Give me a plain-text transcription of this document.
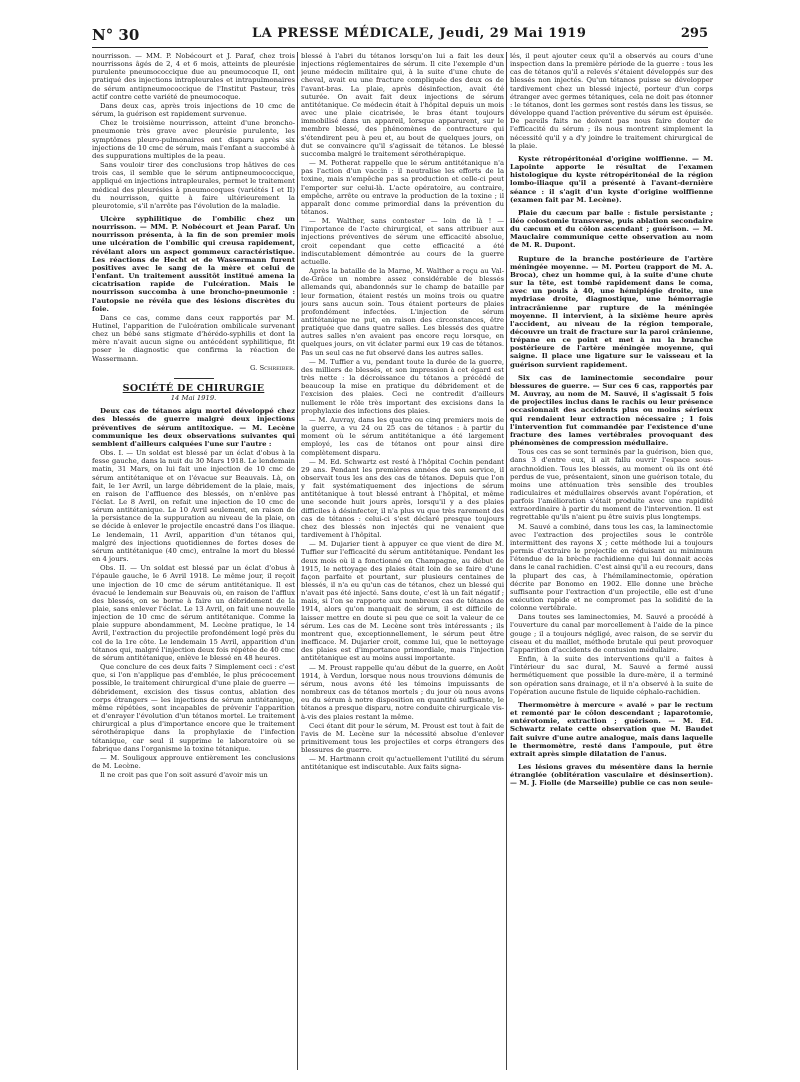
N° 30	LA PRESSE MÉDICALE, Jeudi, 29 Mai 1919	295

nourrisson. — MM. P. Nobécourt et J. Paraf, chez trois nourrissons âgés de 2, 4 et 6 mois, atteints de pleurésie purulente pneumococcique due au pneumocoque II, ont pratiqué des injections intrapleurales et intrapulmonaires de sérum antipneumococcique de l'Institut Pasteur, très actif contre cette variété de pneumocoque.

Dans deux cas, après trois injections de 10 cmc de sérum, la guérison est rapidement survenue.

Chez le troisième nourrisson, atteint d'une broncho-pneumonie très grave avec pleurésie purulente, les symptômes pleuro-pulmonaires ont disparu après six injections de 10 cmc de sérum, mais l'enfant a succombé à des suppurations multiples de la peau.

Sans vouloir tirer des conclusions trop hâtives de ces trois cas, il semble que le sérum antipneumococcique, appliqué en injections intrapleurales, permet le traitement médical des pleurésies à pneumocoques (variétés I et II) du nourrisson, quitte à faire ultérieurement la pleurotomie, s'il n'arrête pas l'évolution de la maladie.

Ulcère syphilitique de l'ombilic chez un nourrisson. — MM. P. Nobécourt et Jean Paraf. Un nourrisson présenta, à la fin de son premier mois une ulcération de l'ombilic qui creusa rapidement, révélant alors un aspect gommeux caractéristique. Les réactions de Hecht et de Wassermann furent positives avec le sang de la mère et celui de l'enfant. Un traitement aussitôt institué amena la cicatrisation rapide de l'ulcération. Mais le nourrisson succomba à une broncho-pneumonie : l'autopsie ne révéla que des lésions discrètes du foie.

Dans ce cas, comme dans ceux rapportés par M. Hutinel, l'apparition de l'ulcération ombilicale survenant chez un bébé sans stigmate d'hérédo-syphilis et dont la mère n'avait aucun signe ou antécédent syphilitique, fit poser le diagnostic que confirma la réaction de Wassermann.

G. Schreiber.

SOCIÉTÉ DE CHIRURGIE
14 Mai 1919.
Deux cas de tétanos aigu mortel développé chez des blessés de guerre malgré deux injections préventives de sérum antitoxique. — M. Lecène communique les deux observations suivantes qui semblent d'ailleurs calquées l'une sur l'autre :

Obs. I. — Un soldat est blessé par un éclat d'obus à la fesse gauche, dans la nuit du 30 Mars 1918. Le lendemain matin, 31 Mars, on lui fait une injection de 10 cmc de sérum antitétanique et on l'évacue sur Beauvais. Là, on fait, le 1er Avril, un large débridement de la plaie, mais, en raison de l'affluence des blessés, on n'enlève pas l'éclat. Le 8 Avril, on refait une injection de 10 cmc de sérum antitétanique. Le 10 Avril seulement, en raison de la persistance de la suppuration au niveau de la plaie, on se décide à enlever le projectile encastré dans l'os iliaque. Le lendemain, 11 Avril, apparition d'un tétanos qui, malgré des injections quotidiennes de fortes doses de sérum antitétanique (40 cmc), entraîne la mort du blessé en 4 jours.

Obs. II. — Un soldat est blessé par un éclat d'obus à l'épaule gauche, le 6 Avril 1918. Le même jour, il reçoit une injection de 10 cmc de sérum antitétanique. Il est évacué le lendemain sur Beauvais où, en raison de l'afflux des blessés, on se borne à faire un débridement de la plaie, sans enlever l'éclat. Le 13 Avril, on fait une nouvelle injection de 10 cmc de sérum antitétanique. Comme la plaie suppure abondamment, M. Lecène pratique, le 14 Avril, l'extraction du projectile profondément logé près du col de la 1re côte. Le lendemain 15 Avril, apparition d'un tétanos qui, malgré l'injection deux fois répétée de 40 cmc de sérum antitétanique, enlève le blessé en 48 heures.

Que conclure de ces deux faits ? Simplement ceci : c'est que, si l'on n'applique pas d'emblée, le plus précocement possible, le traitement chirurgical d'une plaie de guerre — débridement, excision des tissus contus, ablation des corps étrangers — les injections de sérum antitétanique, même répétées, sont incapables de prévenir l'apparition et d'enrayer l'évolution d'un tétanos mortel. Le traitement chirurgical a plus d'importance encore que le traitement sérothérapique dans la prophylaxie de l'infection tétanique, car seul il supprime le laboratoire où se fabrique dans l'organisme la toxine tétanique.

— M. Souligoux approuve entièrement les conclusions de M. Lecène.

Il ne croit pas que l'on soit assuré d'avoir mis un

blessé à l'abri du tétanos lorsqu'on lui a fait les deux injections réglementaires de sérum. Il cite l'exemple d'un jeune médecin militaire qui, à la suite d'une chute de cheval, avait eu une fracture compliquée des deux os de l'avant-bras. La plaie, après désinfection, avait été suturée. On avait fait deux injections de sérum antitétanique. Ce médecin était à l'hôpital depuis un mois avec une plaie cicatrisée, le bras étant toujours immobilisé dans un appareil, lorsque apparurent, sur le membre blessé, des phénomènes de contracture qui s'étendirent peu à peu et, au bout de quelques jours, on dut se convaincre qu'il s'agissait de tétanos. Le blessé succomba malgré le traitement sérothérapique.

— M. Potherat rappelle que le sérum antitétanique n'a pas l'action d'un vaccin : il neutralise les efforts de la toxine, mais n'empêche pas sa production et celle-ci peut l'emporter sur celui-là. L'acte opératoire, au contraire, empêche, arrête ou entrave la production de la toxine ; il apparaît donc comme primordial dans la prévention du tétanos.

— M. Walther, sans contester — loin de là ! — l'importance de l'acte chirurgical, et sans attribuer aux injections préventives de sérum une efficacité absolue, croit cependant que cette efficacité a été indiscutablement démontrée au cours de la guerre actuelle.

Après la bataille de la Marne, M. Walther a reçu au Val-de-Grâce un nombre assez considérable de blessés allemands qui, abandonnés sur le champ de bataille par leur formation, étaient restés un moins trois ou quatre jours sans aucun soin. Tous étaient porteurs de plaies profondément infectées. L'injection de sérum antitétanique ne put, en raison des circonstances, être pratiquée que dans quatre salles. Les blessés des quatre autres salles n'en avaient pas encore reçu lorsque, en quelques jours, on vit éclater parmi eux 19 cas de tétanos. Pas un seul cas ne fut observé dans les autres salles.

— M. Tuffier a vu, pendant toute la durée de la guerre, des milliers de blessés, et son impression à cet égard est très nette : la décroissance du tétanos a précédé de beaucoup la mise en pratique du débridement et de l'excision des plaies. Ceci ne contredit d'ailleurs nullement le rôle très important des excisions dans la prophylaxie des infections des plaies.

— M. Auvray, dans les quatre ou cinq premiers mois de la guerre, a vu 24 ou 25 cas de tétanos : à partir du moment où le sérum antitétanique a été largement employé, les cas de tétanos ont pour ainsi dire complètement disparu.

— M. Ed. Schwartz est resté à l'hôpital Cochin pendant 29 ans. Pendant les premières années de son service, il observait tous les ans des cas de tétanos. Depuis que l'on y fait systématiquement des injections de sérum antitétanique à tout blessé entrant à l'hôpital, et même une seconde huit jours après, lorsqu'il y a des plaies difficiles à désinfecter, il n'a plus vu que très rarement des cas de tétanos : celui-ci s'est déclaré presque toujours chez des blessés non injectés qui ne venaient que tardivement à l'hôpital.

— M. Dujarier tient à appuyer ce que vient de dire M. Tuffier sur l'efficacité du sérum antitétanique. Pendant les deux mois où il a fonctionné en Champagne, au début de 1915, le nettoyage des plaies était loin de se faire d'une façon parfaite et pourtant, sur plusieurs centaines de blessés, il n'a eu qu'un cas de tétanos, chez un blessé qui n'avait pas été injecté. Sans doute, c'est là un fait négatif ; mais, si l'on se rapporte aux nombreux cas de tétanos de 1914, alors qu'on manquait de sérum, il est difficile de laisser mettre en doute si peu que ce soit la valeur de ce sérum. Les cas de M. Lecène sont très intéressants ; ils montrent que, exceptionnellement, le sérum peut être inefficace. M. Dujarier croit, comme lui, que le nettoyage des plaies est d'importance primordiale, mais l'injection antitétanique est au moins aussi importante.

— M. Proust rappelle qu'au début de la guerre, en Août 1914, à Verdun, lorsque nous nous trouvions démunis de sérum, nous avons été les témoins impuissants de nombreux cas de tétanos mortels ; du jour où nous avons eu du sérum à notre disposition en quantité suffisante, le tétanos a presque disparu, notre conduite chirurgicale vis-à-vis des plaies restant la même.

Ceci étant dit pour le sérum, M. Proust est tout à fait de l'avis de M. Lecène sur la nécessité absolue d'enlever primitivement tous les projectiles et corps étrangers des blessures de guerre.

— M. Hartmann croit qu'actuellement l'utilité du sérum antitétanique est indiscutable. Aux faits signa-

lés, il peut ajouter ceux qu'il a observés au cours d'une inspection dans la première période de la guerre : tous les cas de tétanos qu'il a relevés s'étaient développés sur des blessés non injectés. Qu'un tétanos puisse se développer tardivement chez un blessé injecté, porteur d'un corps étranger avec germes tétaniques, cela ne doit pas étonner : le tétanos, dont les germes sont restés dans les tissus, se développe quand l'action préventive du sérum est épuisée. De pareils faits ne doivent pas nous faire douter de l'efficacité du sérum ; ils nous montrent simplement la nécessité qu'il y a d'y joindre le traitement chirurgical de la plaie.

Kyste rétropéritonéal d'origine wolffienne. — M. Lapointe apporte le résultat de l'examen histologique du kyste rétropéritonéal de la région lombo-iliaque qu'il a présenté à l'avant-dernière séance : il s'agit d'un kyste d'origine wolffienne (examen fait par M. Lecène).
Plaie du cæcum par balle : fistule persistante ; iléo colostomie transverse, puis ablation secondaire du cæcum et du côlon ascendant ; guérison. — M. Mauclaire communique cette observation au nom de M. R. Dupont.
Rupture de la branche postérieure de l'artère méningée moyenne. — M. Porteu (rapport de M. A. Broca), chez un homme qui, à la suite d'une chute sur la tête, est tombé rapidement dans le coma, avec un pouls à 40, une hémiplégie droite, une mydriase droite, diagnostique, une hémorragie intracrânienne par rupture de la méningée moyenne. Il intervient, à la sixième heure après l'accident, au niveau de la région temporale, découvre un trait de fracture sur la paroi crânienne, trépane en ce point et met à nu la branche postérieure de l'artère méningée moyenne, qui saigne. Il place une ligature sur le vaisseau et la guérison survient rapidement.
Six cas de laminectomie secondaire pour blessures de guerre. — Sur ces 6 cas, rapportés par M. Auvray, au nom de M. Sauvé, il s'agissait 5 fois de projectiles inclus dans le rachis ou leur présence occasionnait des accidents plus ou moins sérieux qui rendaient leur extraction nécessaire ; 1 fois l'intervention fut commandée par l'existence d'une fracture des lames vertébrales provoquant des phénomènes de compression médullaire.

Tous ces cas se sont terminés par la guérison, bien que, dans 3 d'entre eux, il ait fallu ouvrir l'espace sous-arachnoïdien. Tous les blessés, au moment où ils ont été perdus de vue, présentaient, sinon une guérison totale, du moins une atténuation très sensible des troubles radiculaires et médullaires observés avant l'opération, et parfois l'amélioration s'était produite avec une rapidité extraordinaire à partir du moment de l'intervention. Il est regrettable qu'ils n'aient pu être suivis plus longtemps.

M. Sauvé a combiné, dans tous les cas, la laminectomie avec l'extraction des projectiles sous le contrôle intermittent des rayons X ; cette méthode lui a toujours permis d'extraire le projectile en réduisant au minimum l'étendue de la brèche rachidienne qui lui donnait accès dans le canal rachidien. C'est ainsi qu'il a eu recours, dans la plupart des cas, à l'hémilaminectomie, opération décrite par Bonomo en 1902. Elle donne une brèche suffisante pour l'extraction d'un projectile, elle est d'une exécution rapide et ne compromet pas la solidité de la colonne vertébrale.

Dans toutes ses laminectomies, M. Sauvé a procédé à l'ouverture du canal par morcellement à l'aide de la pince gouge ; il a toujours négligé, avec raison, de se servir du ciseau et du maillet, méthode brutale qui peut provoquer l'apparition d'accidents de contusion médullaire.

Enfin, à la suite des interventions qu'il a faites à l'intérieur du sac dural, M. Sauvé a fermé aussi hermétiquement que possible la dure-mère, il a terminé son opération sans drainage, et il n'a observé à la suite de l'opération aucune fistule de liquide céphalo-rachidien.

Thermomètre à mercure « avalé » par le rectum et remonté par le côlon descendant ; laparotomie, entérotomie, extraction ; guérison. — M. Ed. Schwartz relate cette observation que M. Baudet fait suivre d'une autre analogue, mais dans laquelle le thermomètre, resté dans l'ampoule, put être extrait après simple dilatation de l'anus.
Les lésions graves du mésentère dans la hernie étranglée (oblitération vasculaire et désinsertion). — M. J. Fiolle (de Marseille) publie ce cas non seule-
